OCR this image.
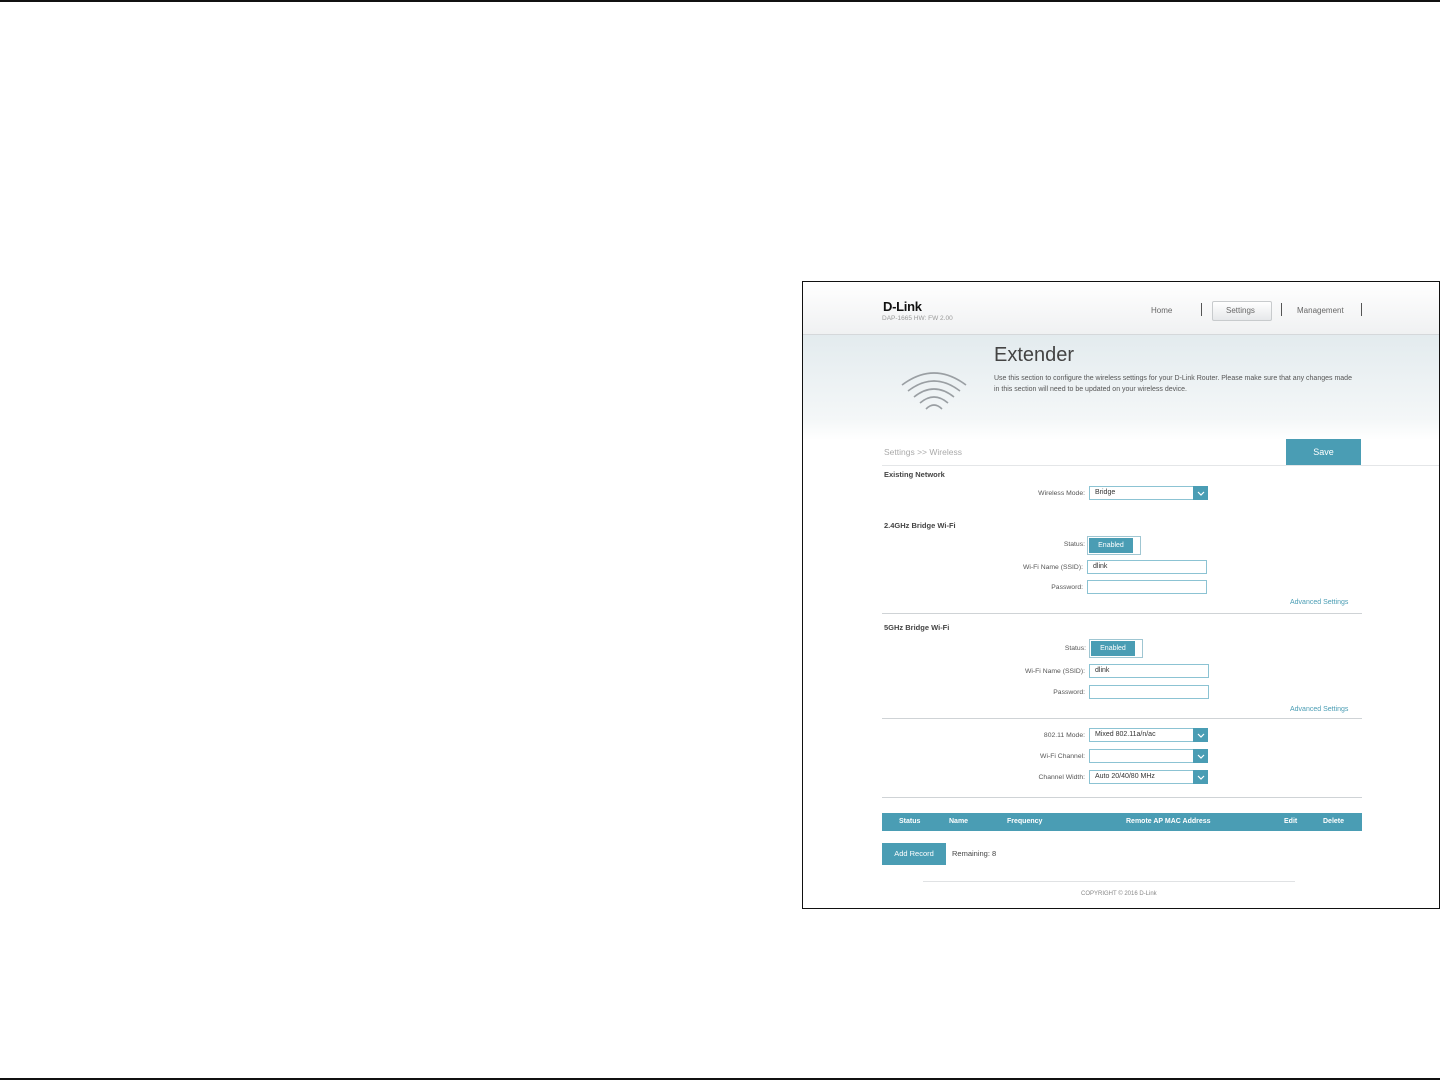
D-Link
DAP-1665 HW: FW 2.00
Home	Settings	Management
Extender
Use this section to configure the wireless settings for your D-Link Router. Please make sure that any changes made in this section will need to be updated on your wireless device.
Settings >> Wireless	Save
Existing Network
Wireless Mode:	Bridge
2.4GHz Bridge Wi-Fi
Status:	Enabled
Wi-Fi Name (SSID):	dlink
Password:
Advanced Settings
5GHz Bridge Wi-Fi
Status:	Enabled
Wi-Fi Name (SSID):	dlink
Password:
Advanced Settings
802.11 Mode:	Mixed 802.11a/n/ac
Wi-Fi Channel:
Channel Width:	Auto 20/40/80 MHz
Status	Name	Frequency	Remote AP MAC Address	Edit	Delete
Add Record	Remaining: 8
COPYRIGHT © 2016 D-Link
